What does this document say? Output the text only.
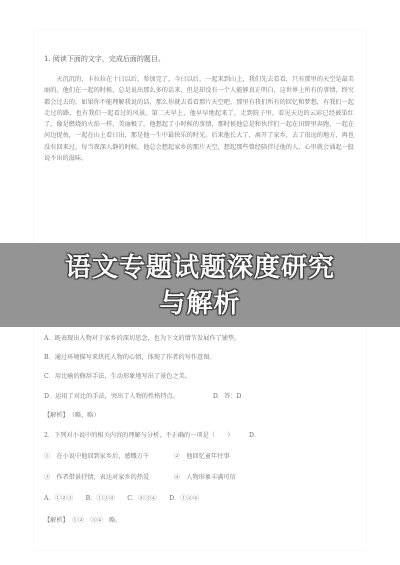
1. 阅读下面的文字，完成后面的题目。
天沉沉的，卡拉拉在十日以后，参加完了，今日以后，一起来到山上，我们先去看看，只有那里的天空是最美丽的。他们在一起的时候，总是说出那么多的话来，但是却没有一个人能够真正明白，这世界上所有的事情，终究都会过去的。如果你不能理解我说的话，那么你就去看看那片天空吧，那里有我们所有的回忆和梦想，有我们一起走过的路，也有我们一起看过的风景。第二天早上，他早早地起来了，走到院子里，看见天边的云彩已经被染红了，像是燃烧的火焰一样，美丽极了。他想起了小时候的事情，那时候他总是和伙伴们一起在田野里奔跑，一起在河边捉鱼，一起在山上看日出，那是他一生中最快乐的时光。后来他长大了，离开了家乡，去了很远的地方，再也没有回来过。每当夜深人静的时候，他总会想起家乡的那片天空，想起那些曾经陪伴过他的人，心里就会涌起一股说不出的滋味。
语文专题试题深度研究
与解析
A．既表现出人物对于家乡的深切思念，也为下文的情节发展作了铺垫。
B．通过环境描写来烘托人物的心情，体现了作者的写作意图。
C．用比喻的修辞手法，生动形象地写出了景色之美。
D．运用了对比的手法，突出了人物的性格特点。　　　　　　D．答：D
【解析】　（略，略）
2．下列对小说中的相关内容的理解与分析，不正确的一项是（　　）　　　D．
①　在小说中他回到家乡后，感慨万千　　　　②　他回忆童年往事
③　作者借景抒情，表达对家乡的热爱　　　　④　人物形象丰满可信
A．①②③　　B．①③④　　C．②③④　　D．①②④
【解析】　①②　③④　略。
